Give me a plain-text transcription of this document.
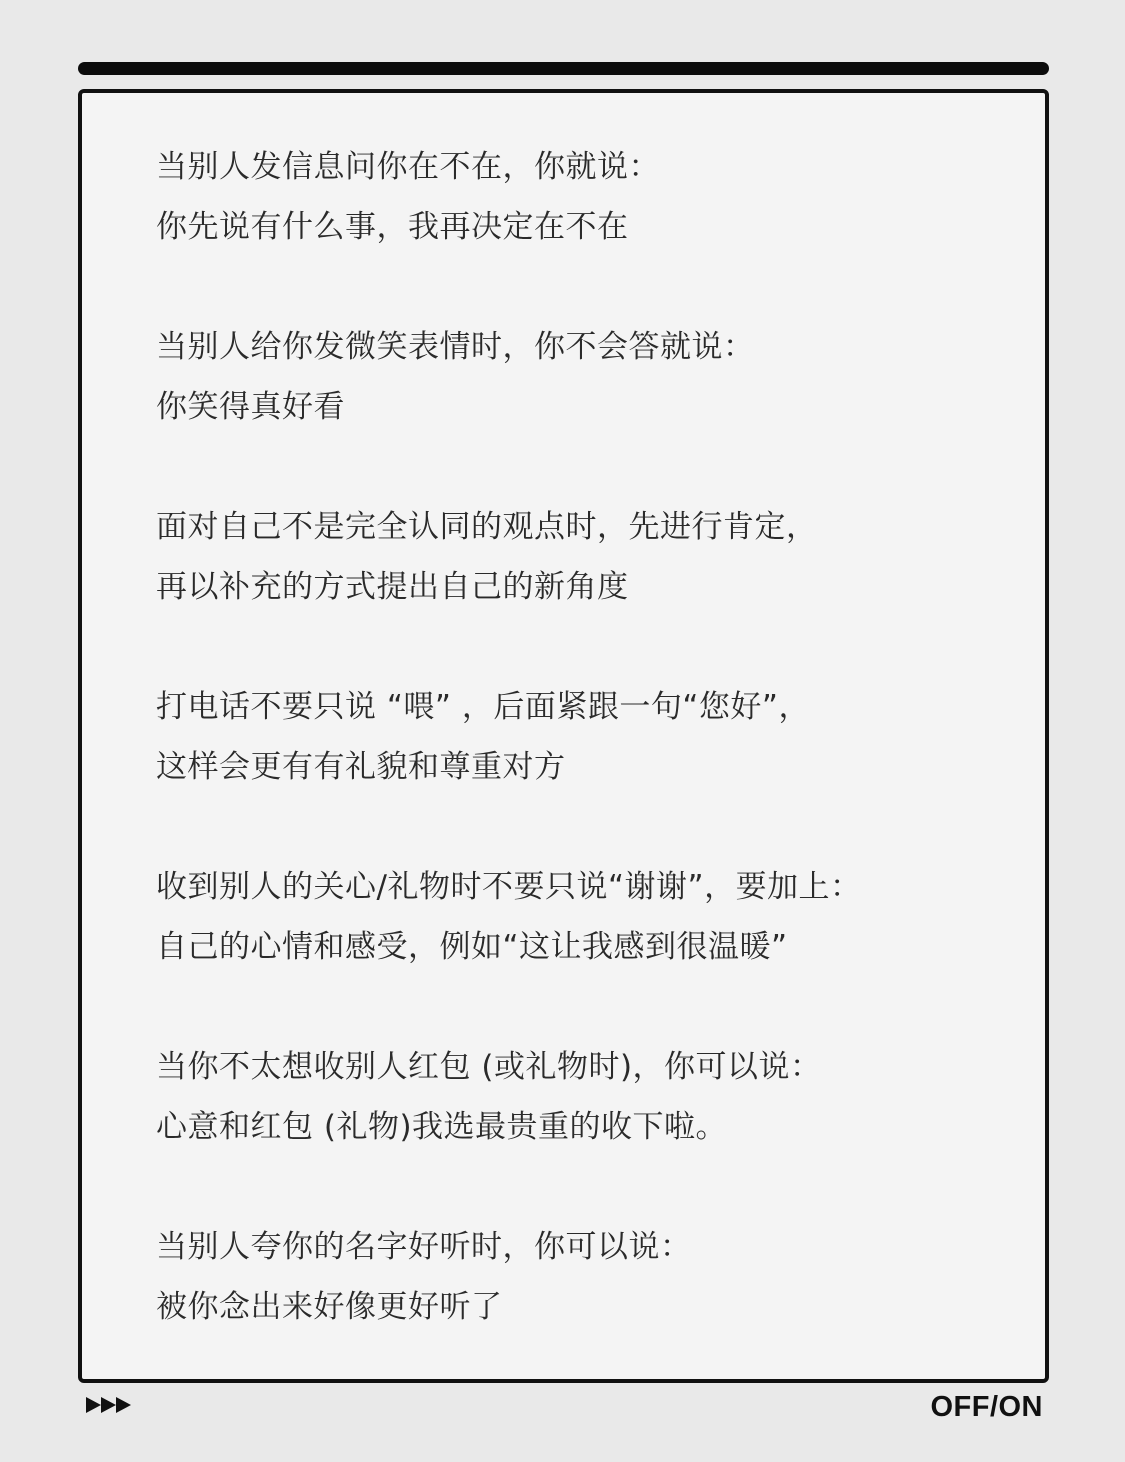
当别人发信息问你在不在，你就说：
你先说有什么事，我再决定在不在
当别人给你发微笑表情时，你不会答就说：
你笑得真好看
面对自己不是完全认同的观点时，先进行肯定，
再以补充的方式提出自己的新角度
打电话不要只说 “喂” ，后面紧跟一句“您好”，
这样会更有有礼貌和尊重对方
收到别人的关心/礼物时不要只说“谢谢”，要加上：
自己的心情和感受，例如“这让我感到很温暖”
当你不太想收别人红包 (或礼物时)，你可以说：
心意和红包 (礼物)我选最贵重的收下啦。
当别人夸你的名字好听时，你可以说：
被你念出来好像更好听了
OFF/ON
